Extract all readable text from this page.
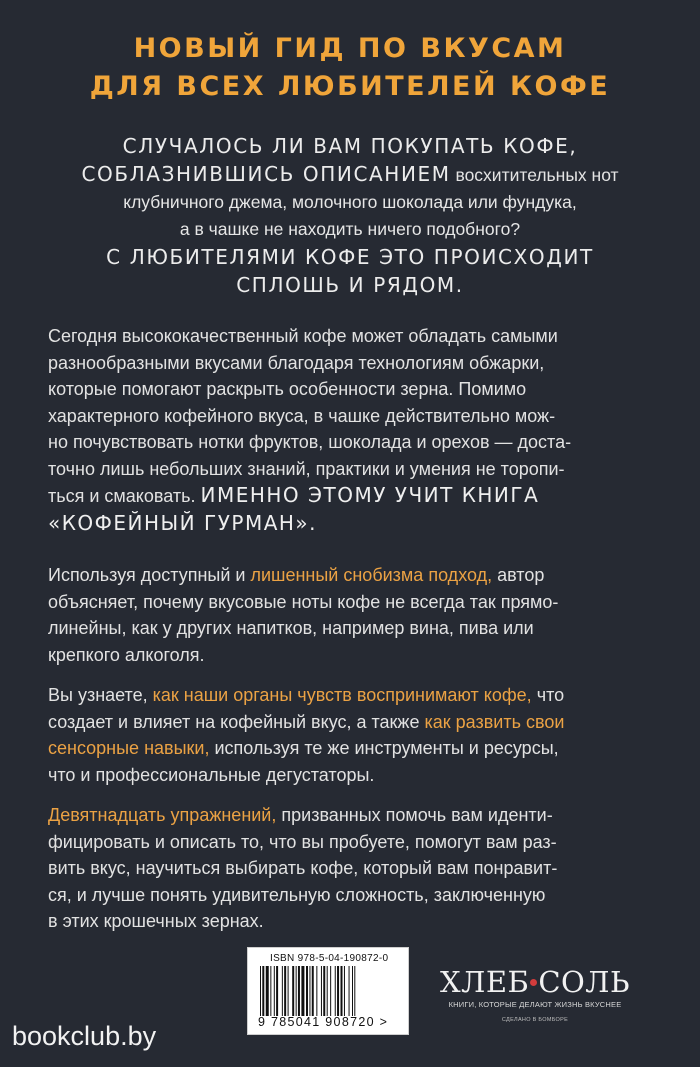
НОВЫЙ ГИД ПО ВКУСАМ
ДЛЯ ВСЕХ ЛЮБИТЕЛЕЙ КОФЕ
СЛУЧАЛОСЬ ЛИ ВАМ ПОКУПАТЬ КОФЕ,
СОБЛАЗНИВШИСЬ ОПИСАНИЕМ восхитительных нот
клубничного джема, молочного шоколада или фундука,
а в чашке не находить ничего подобного?
С ЛЮБИТЕЛЯМИ КОФЕ ЭТО ПРОИСХОДИТ
СПЛОШЬ И РЯДОМ.
Сегодня высококачественный кофе может обладать самыми
разнообразными вкусами благодаря технологиям обжарки,
которые помогают раскрыть особенности зерна. Помимо
характерного кофейного вкуса, в чашке действительно мож-
но почувствовать нотки фруктов, шоколада и орехов — доста-
точно лишь небольших знаний, практики и умения не торопи-
ться и смаковать. ИМЕННО ЭТОМУ УЧИТ КНИГА
«КОФЕЙНЫЙ ГУРМАН».
Используя доступный и лишенный снобизма подход, автор
объясняет, почему вкусовые ноты кофе не всегда так прямо-
линейны, как у других напитков, например вина, пива или
крепкого алкоголя.
Вы узнаете, как наши органы чувств воспринимают кофе, что
создает и влияет на кофейный вкус, а также как развить свои
сенсорные навыки, используя те же инструменты и ресурсы,
что и профессиональные дегустаторы.
Девятнадцать упражнений, призванных помочь вам иденти-
фицировать и описать то, что вы пробуете, помогут вам раз-
вить вкус, научиться выбирать кофе, который вам понравит-
ся, и лучше понять удивительную сложность, заключенную
в этих крошечных зернах.
ISBN 978-5-04-190872-0
9 785041 908720 >
ХЛЕБ СОЛЬ
КНИГИ, КОТОРЫЕ ДЕЛАЮТ ЖИЗНЬ ВКУСНЕЕ
СДЕЛАНО В БОМБОРЕ
bookclub.by
